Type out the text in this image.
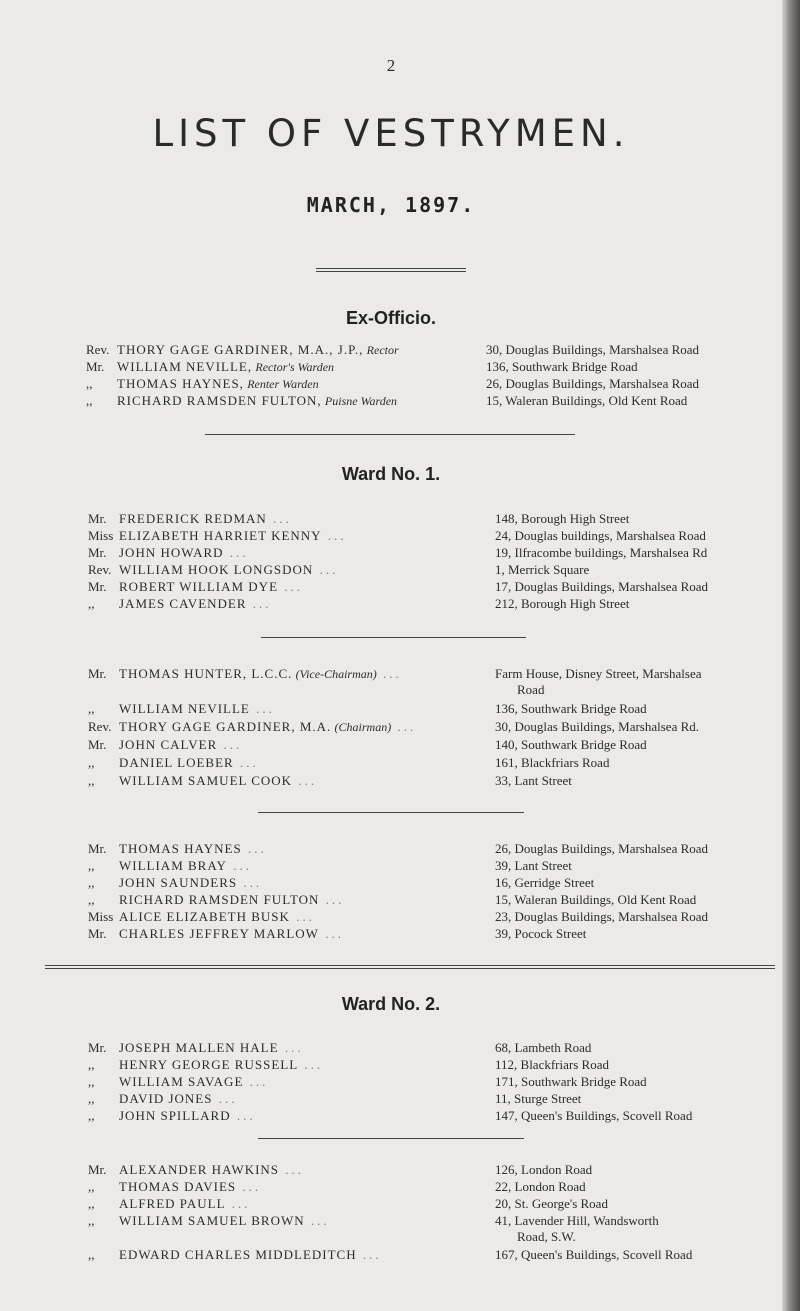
2
LIST OF VESTRYMEN.
MARCH, 1897.
Ex-Officio.
Rev. THORY GAGE GARDINER, M.A., J.P., Rector	30, Douglas Buildings, Marshalsea Road
Mr. WILLIAM NEVILLE, Rector's Warden	136, Southwark Bridge Road
,, THOMAS HAYNES, Renter Warden	26, Douglas Buildings, Marshalsea Road
,, RICHARD RAMSDEN FULTON, Puisne Warden	15, Waleran Buildings, Old Kent Road
Ward No. 1.
Mr. FREDERICK REDMAN ...	148, Borough High Street
Miss ELIZABETH HARRIET KENNY ...	24, Douglas buildings, Marshalsea Road
Mr. JOHN HOWARD ...	19, Ilfracombe buildings, Marshalsea Rd
Rev. WILLIAM HOOK LONGSDON ...	1, Merrick Square
Mr. ROBERT WILLIAM DYE ...	17, Douglas Buildings, Marshalsea Road
,, JAMES CAVENDER ...	212, Borough High Street
Mr. THOMAS HUNTER, L.C.C. (Vice-Chairman) ...	Farm House, Disney Street, Marshalsea
Road
,, WILLIAM NEVILLE ...	136, Southwark Bridge Road
Rev. THORY GAGE GARDINER, M.A. (Chairman) ...	30, Douglas Buildings, Marshalsea Rd.
Mr. JOHN CALVER ...	140, Southwark Bridge Road
,, DANIEL LOEBER ...	161, Blackfriars Road
,, WILLIAM SAMUEL COOK ...	33, Lant Street
Mr. THOMAS HAYNES ...	26, Douglas Buildings, Marshalsea Road
,, WILLIAM BRAY ...	39, Lant Street
,, JOHN SAUNDERS ...	16, Gerridge Street
,, RICHARD RAMSDEN FULTON ...	15, Waleran Buildings, Old Kent Road
Miss ALICE ELIZABETH BUSK ...	23, Douglas Buildings, Marshalsea Road
Mr. CHARLES JEFFREY MARLOW ...	39, Pocock Street
Ward No. 2.
Mr. JOSEPH MALLEN HALE ...	68, Lambeth Road
,, HENRY GEORGE RUSSELL ...	112, Blackfriars Road
,, WILLIAM SAVAGE ...	171, Southwark Bridge Road
,, DAVID JONES ...	11, Sturge Street
,, JOHN SPILLARD ...	147, Queen's Buildings, Scovell Road
Mr. ALEXANDER HAWKINS ...	126, London Road
,, THOMAS DAVIES ...	22, London Road
,, ALFRED PAULL ...	20, St. George's Road
,, WILLIAM SAMUEL BROWN ...	41, Lavender Hill, Wandsworth
Road, S.W.
,, EDWARD CHARLES MIDDLEDITCH ...	167, Queen's Buildings, Scovell Road
